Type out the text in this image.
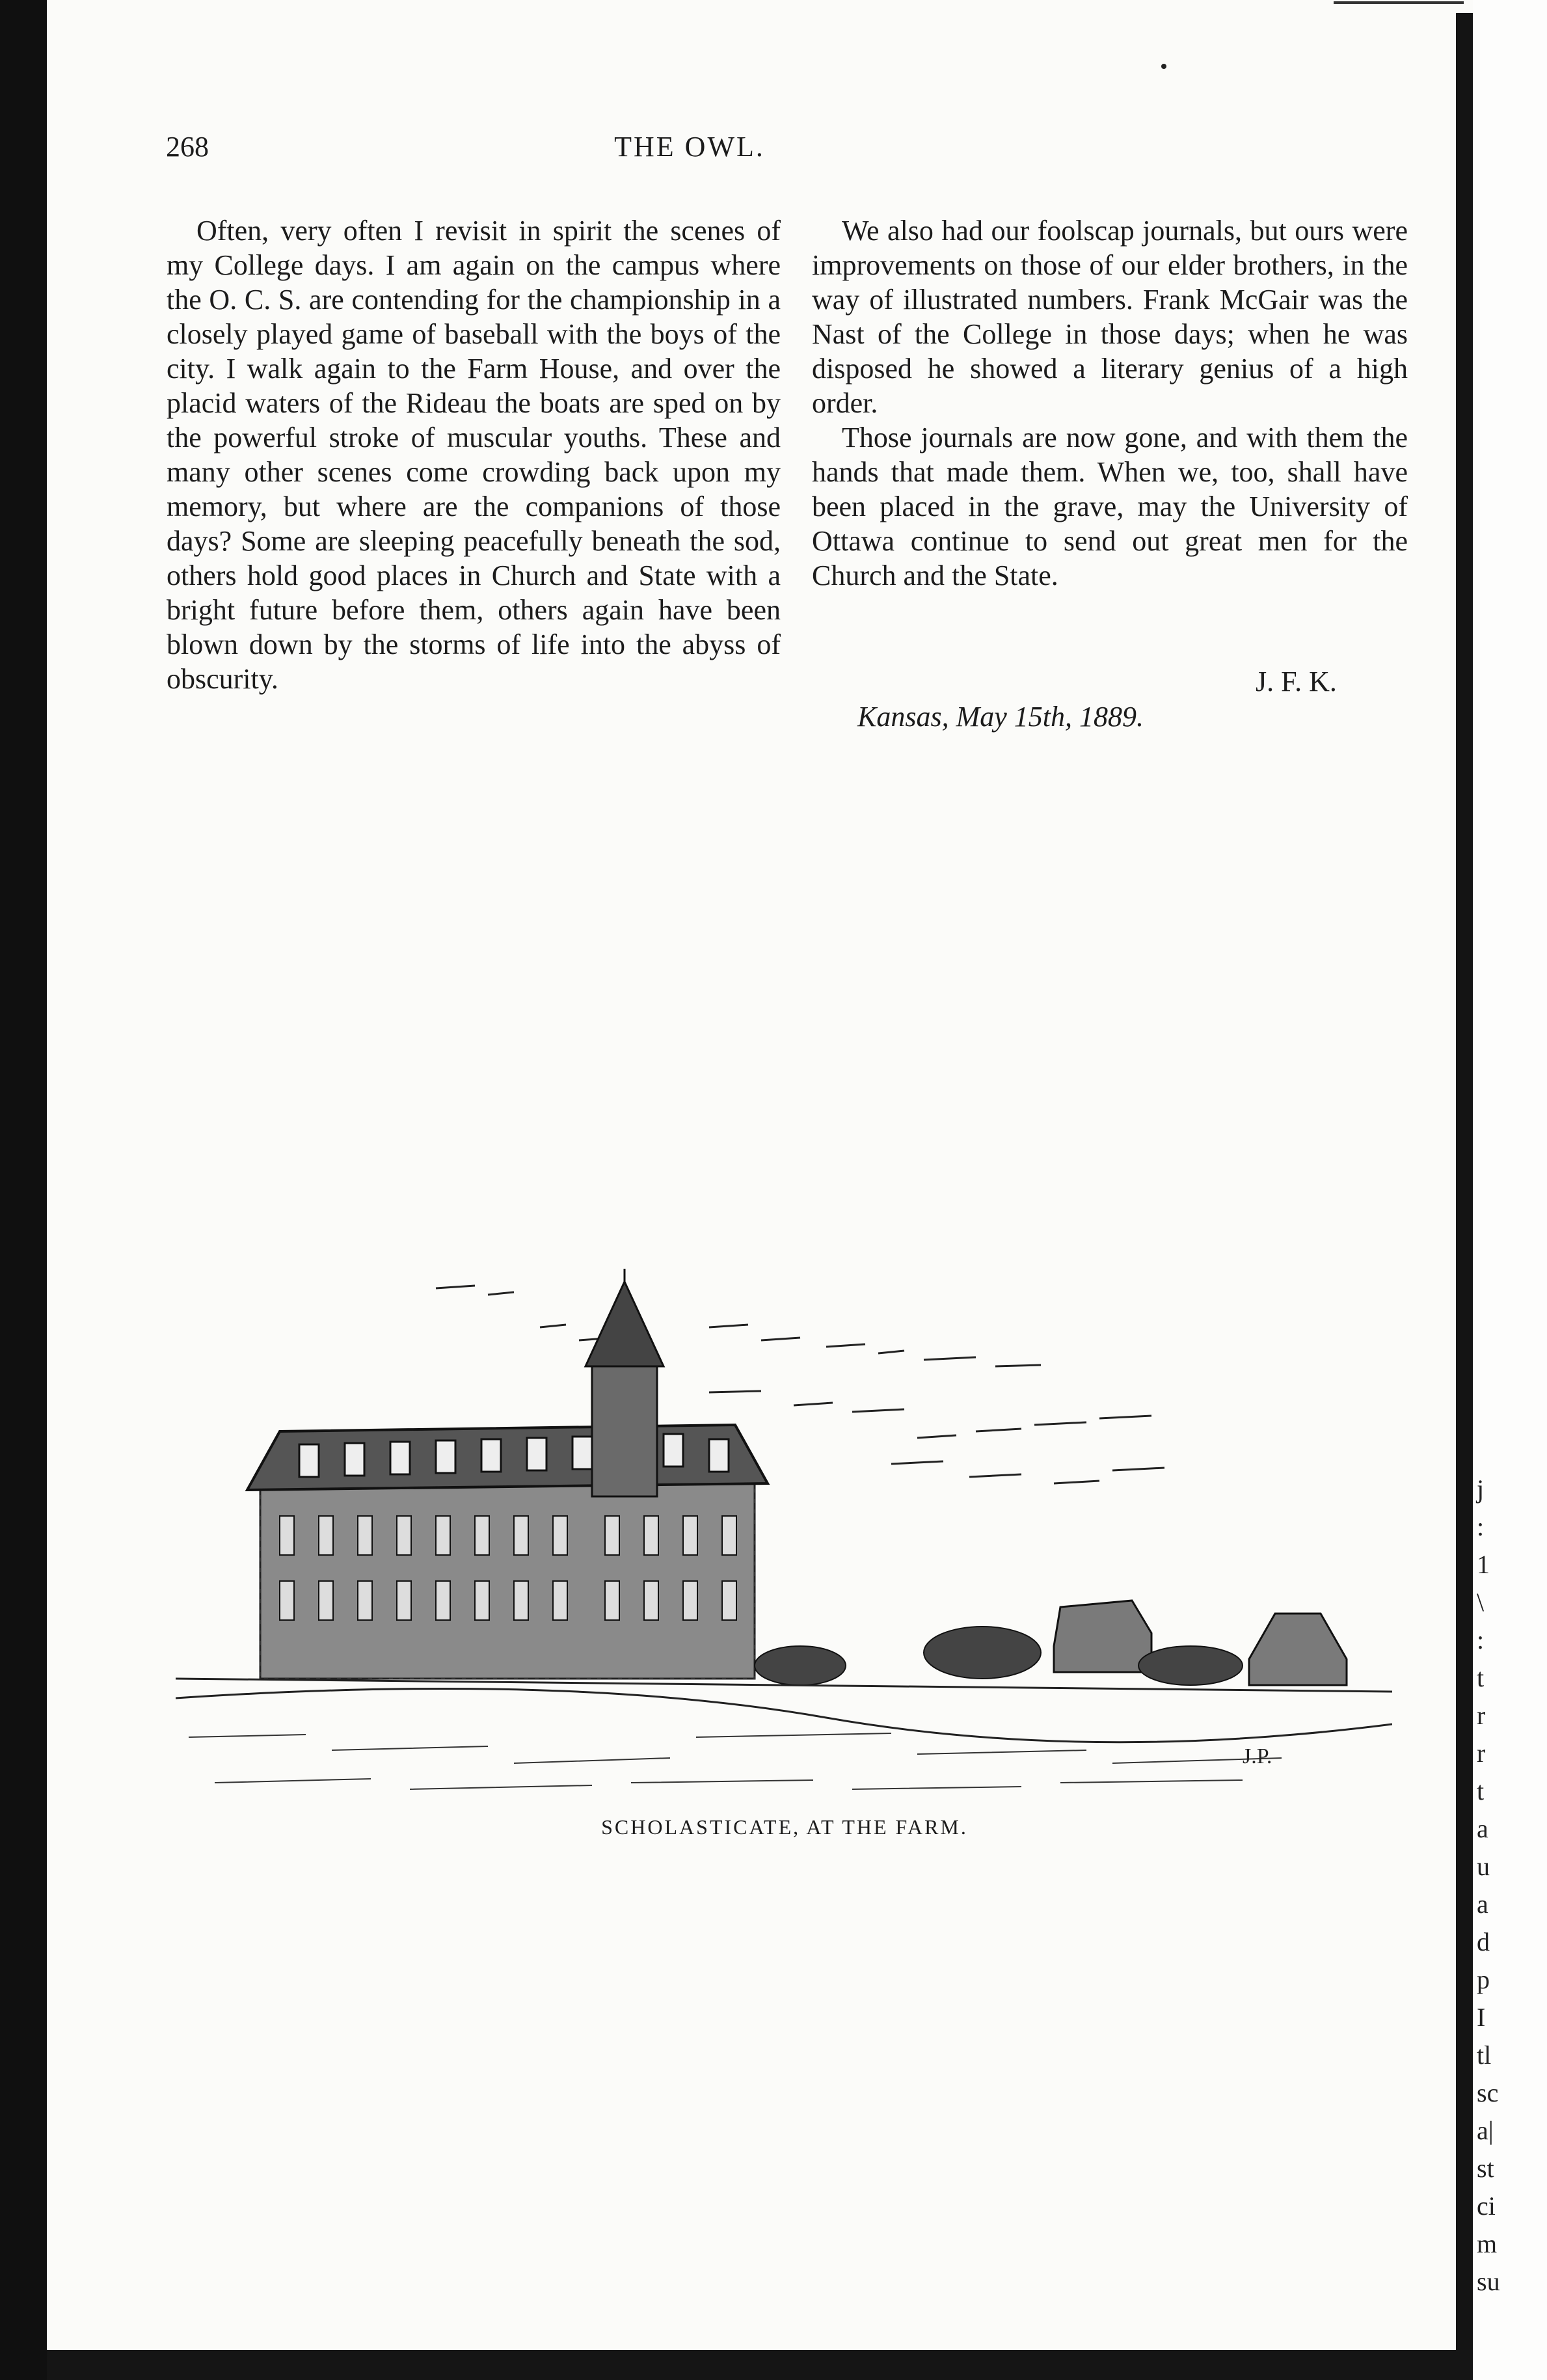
268	THE OWL.

Often, very often I revisit in spirit the scenes of my College days. I am again on the campus where the O. C. S. are contending for the championship in a closely played game of baseball with the boys of the city. I walk again to the Farm House, and over the placid waters of the Rideau the boats are sped on by the powerful stroke of muscular youths. These and many other scenes come crowding back upon my memory, but where are the companions of those days? Some are sleeping peacefully beneath the sod, others hold good places in Church and State with a bright future before them, others again have been blown down by the storms of life into the abyss of obscurity.

We also had our foolscap journals, but ours were improvements on those of our elder brothers, in the way of illustrated numbers. Frank McGair was the Nast of the College in those days; when he was disposed he showed a literary genius of a high order.

Those journals are now gone, and with them the hands that made them. When we, too, shall have been placed in the grave, may the University of Ottawa continue to send out great men for the Church and the State.

J. F. K.
Kansas, May 15th, 1889.
J.P.
SCHOLASTICATE, AT THE FARM.
j
:
1
\
:
t
r
r
t
a
u
a
d
p
I
tl
sc
a|
st
ci
m
su
